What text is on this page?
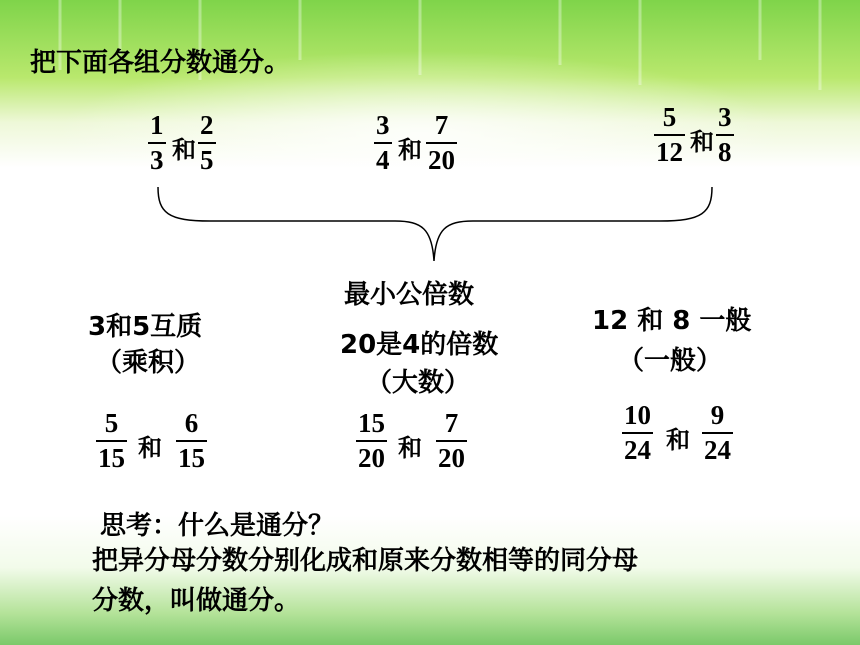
把下面各组分数通分。
1
3 和
2
5
3
4 和
7
20
5
12 和
3
8
最小公倍数
3和5互质
（乘积）
20是4的倍数
（大数）
12 和 8 一般
（一般）
5
15 和
6
15
15
20 和
7
20
10
24 和
9
24
思考：什么是通分？
把异分母分数分别化成和原来分数相等的同分母
分数，叫做通分。
